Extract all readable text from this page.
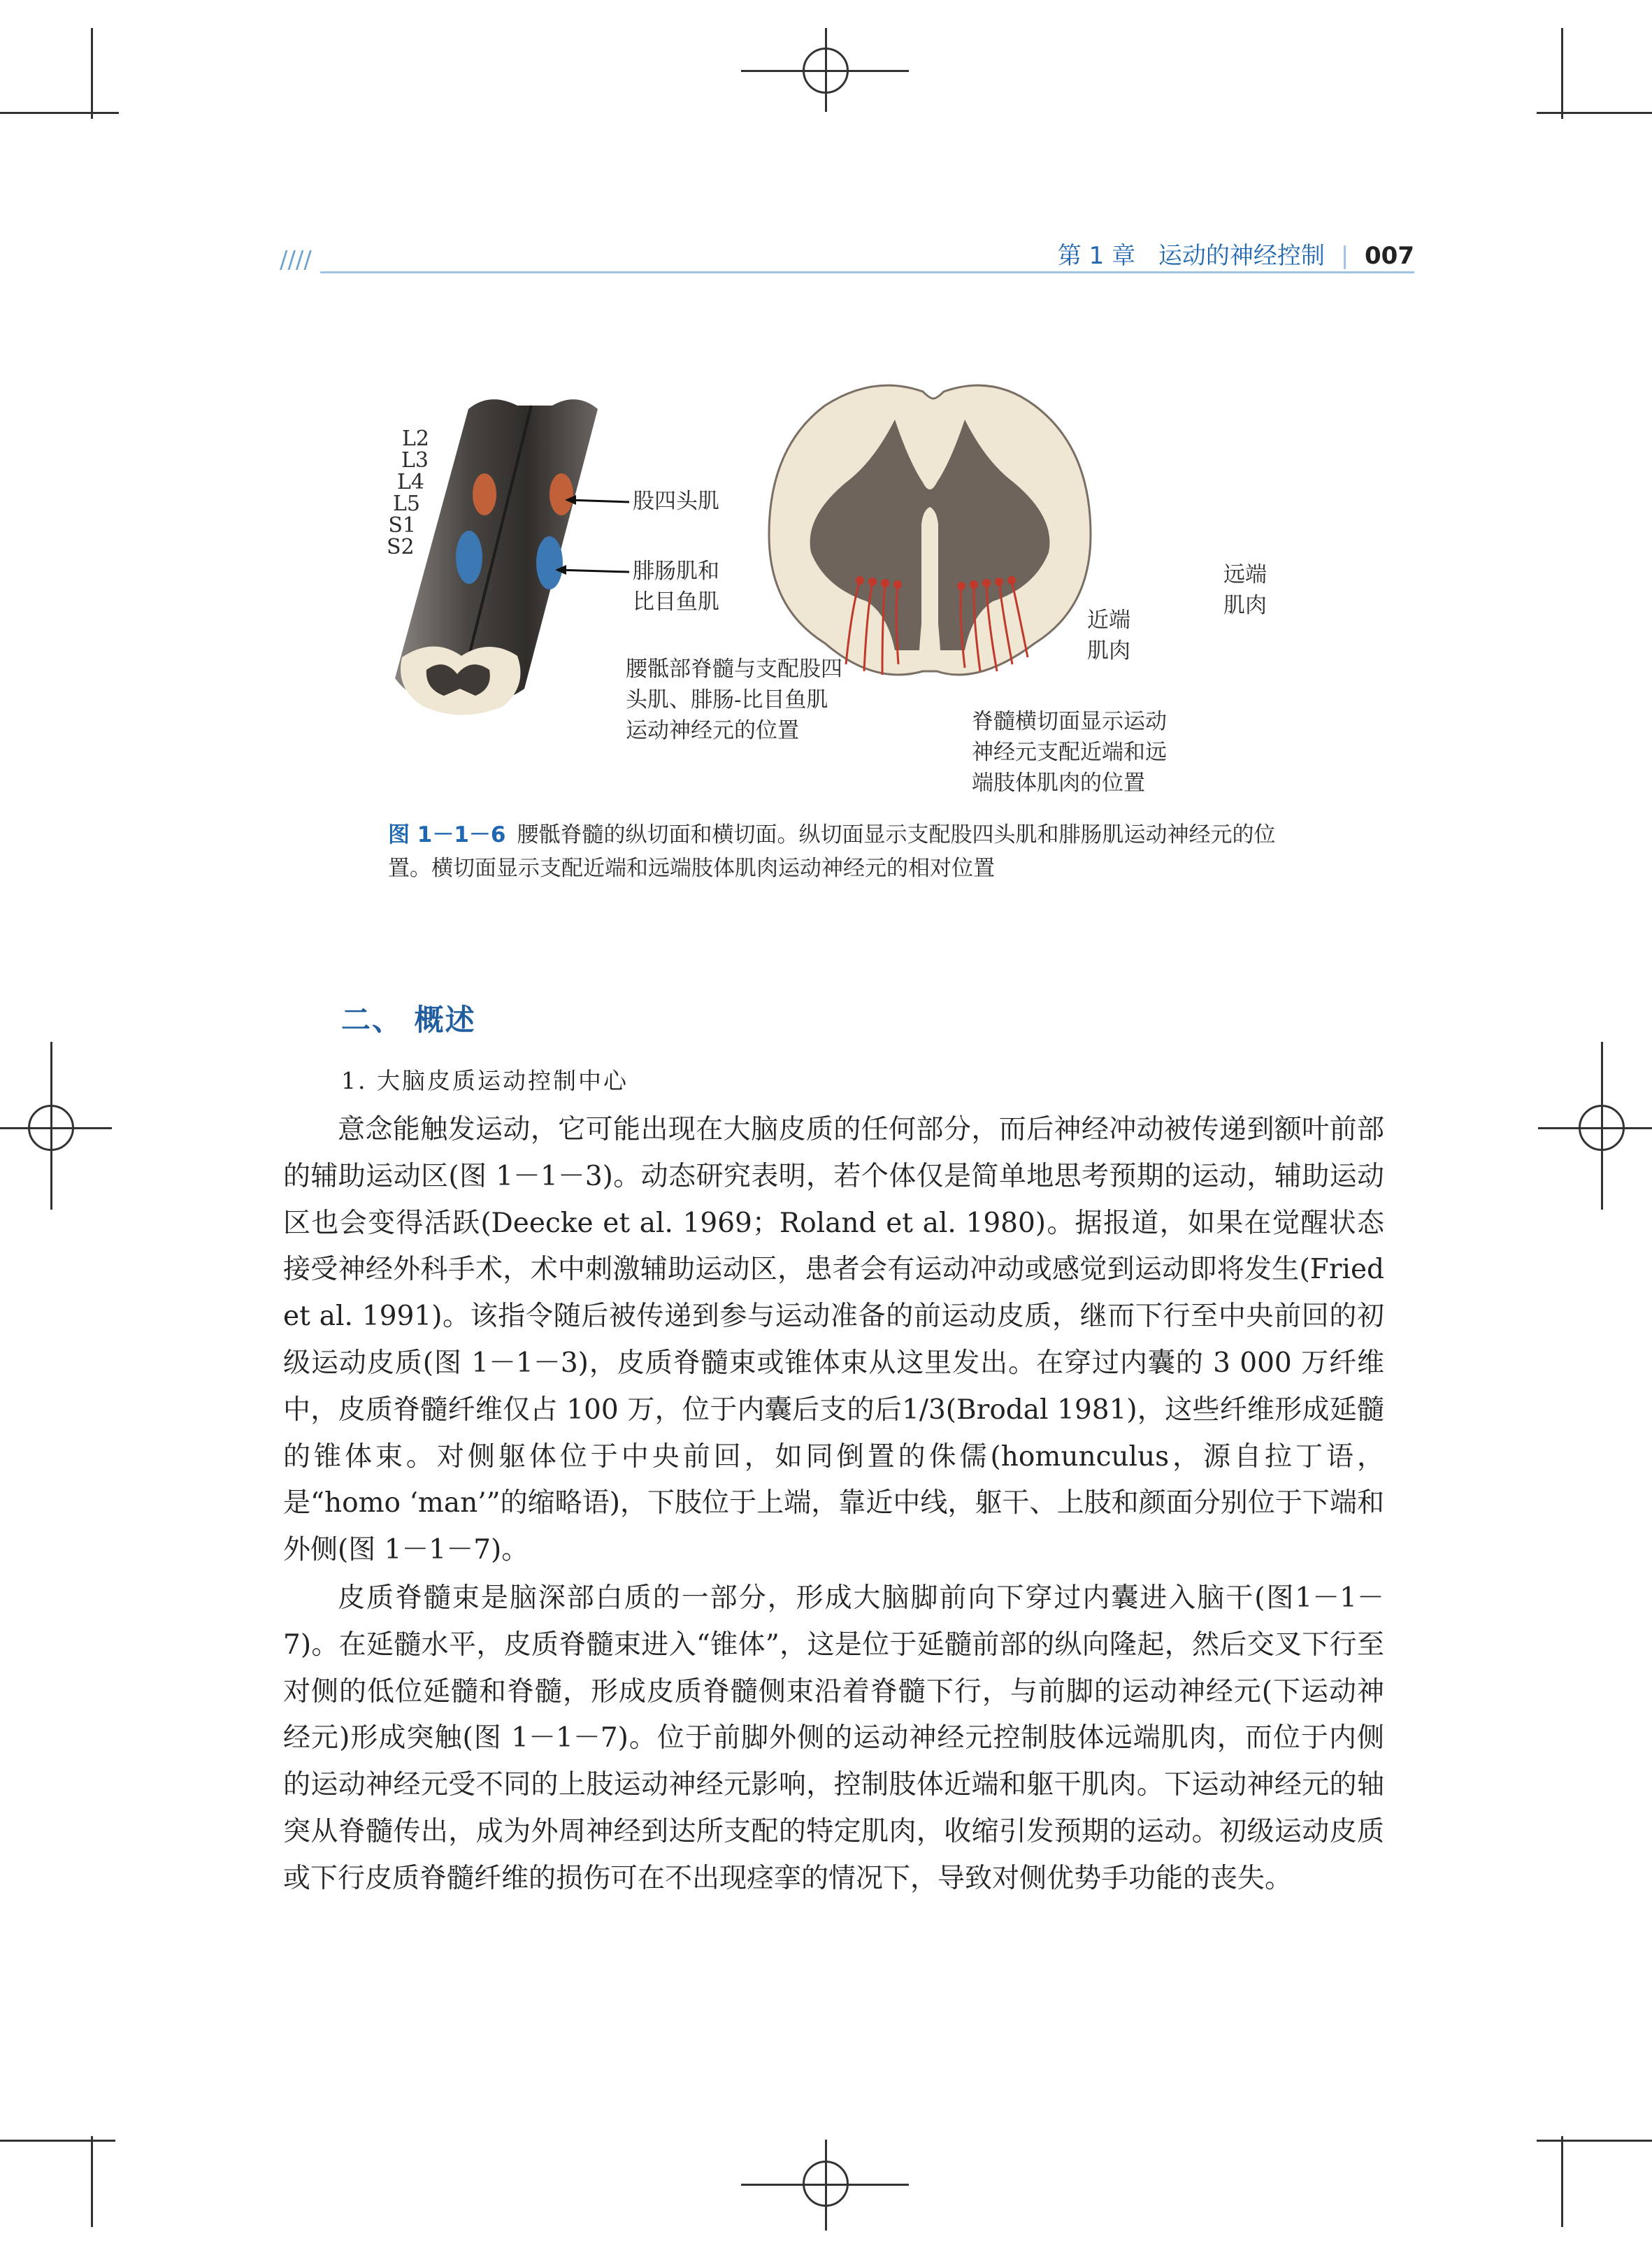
////	第 1 章 运动的神经控制 | 007
L2
L3
L4
L5
S1
S2
股四头肌
腓肠肌和
比目鱼肌
腰骶部脊髓与支配股四
头肌、腓肠-比目鱼肌
运动神经元的位置
远端
肌肉
近端
肌肉
脊髓横切面显示运动
神经元支配近端和远
端肢体肌肉的位置
图 1－1－6 腰骶脊髓的纵切面和横切面。纵切面显示支配股四头肌和腓肠肌运动神经元的位置。横切面显示支配近端和远端肢体肌肉运动神经元的相对位置
二、 概述
1. 大脑皮质运动控制中心

意念能触发运动，它可能出现在大脑皮质的任何部分，而后神经冲动被传递到额叶前部的辅助运动区(图 1－1－3)。动态研究表明，若个体仅是简单地思考预期的运动，辅助运动区也会变得活跃(Deecke et al. 1969；Roland et al. 1980)。据报道，如果在觉醒状态接受神经外科手术，术中刺激辅助运动区，患者会有运动冲动或感觉到运动即将发生(Fried et al. 1991)。该指令随后被传递到参与运动准备的前运动皮质，继而下行至中央前回的初级运动皮质(图 1－1－3)，皮质脊髓束或锥体束从这里发出。在穿过内囊的 3 000 万纤维中，皮质脊髓纤维仅占 100 万，位于内囊后支的后1/3(Brodal 1981)，这些纤维形成延髓的锥体束。对侧躯体位于中央前回，如同倒置的侏儒(homunculus，源自拉丁语，是“homo ‘man’”的缩略语)，下肢位于上端，靠近中线，躯干、上肢和颜面分别位于下端和外侧(图 1－1－7)。

皮质脊髓束是脑深部白质的一部分，形成大脑脚前向下穿过内囊进入脑干(图1－1－7)。在延髓水平，皮质脊髓束进入“锥体”，这是位于延髓前部的纵向隆起，然后交叉下行至对侧的低位延髓和脊髓，形成皮质脊髓侧束沿着脊髓下行，与前脚的运动神经元(下运动神经元)形成突触(图 1－1－7)。位于前脚外侧的运动神经元控制肢体远端肌肉，而位于内侧的运动神经元受不同的上肢运动神经元影响，控制肢体近端和躯干肌肉。下运动神经元的轴突从脊髓传出，成为外周神经到达所支配的特定肌肉，收缩引发预期的运动。初级运动皮质或下行皮质脊髓纤维的损伤可在不出现痉挛的情况下，导致对侧优势手功能的丧失。
